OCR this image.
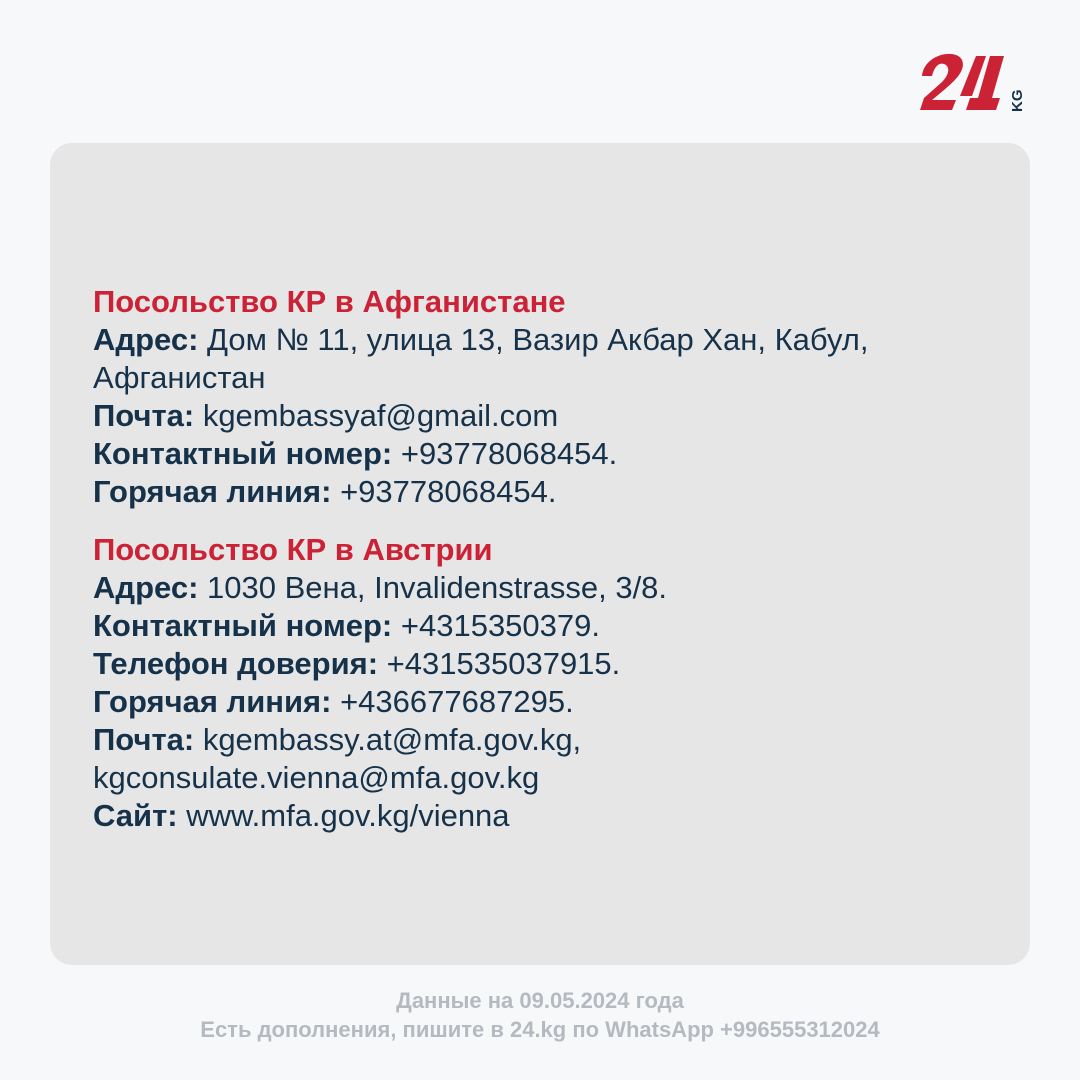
KG
Посольство КР в Афганистане
Адрес: Дом № 11, улица 13, Вазир Акбар Хан, Кабул, Афганистан
Почта: kgembassyaf@gmail.com
Контактный номер: +93778068454.
Горячая линия: +93778068454.
Посольство КР в Австрии
Адрес: 1030 Вена, Invalidenstrasse, 3/8.
Контактный номер: +4315350379.
Телефон доверия: +431535037915.
Горячая линия: +436677687295.
Почта: kgembassy.at@mfa.gov.kg,
kgconsulate.vienna@mfa.gov.kg
Сайт: www.mfa.gov.kg/vienna
Данные на 09.05.2024 года
Есть дополнения, пишите в 24.kg по WhatsApp +996555312024
